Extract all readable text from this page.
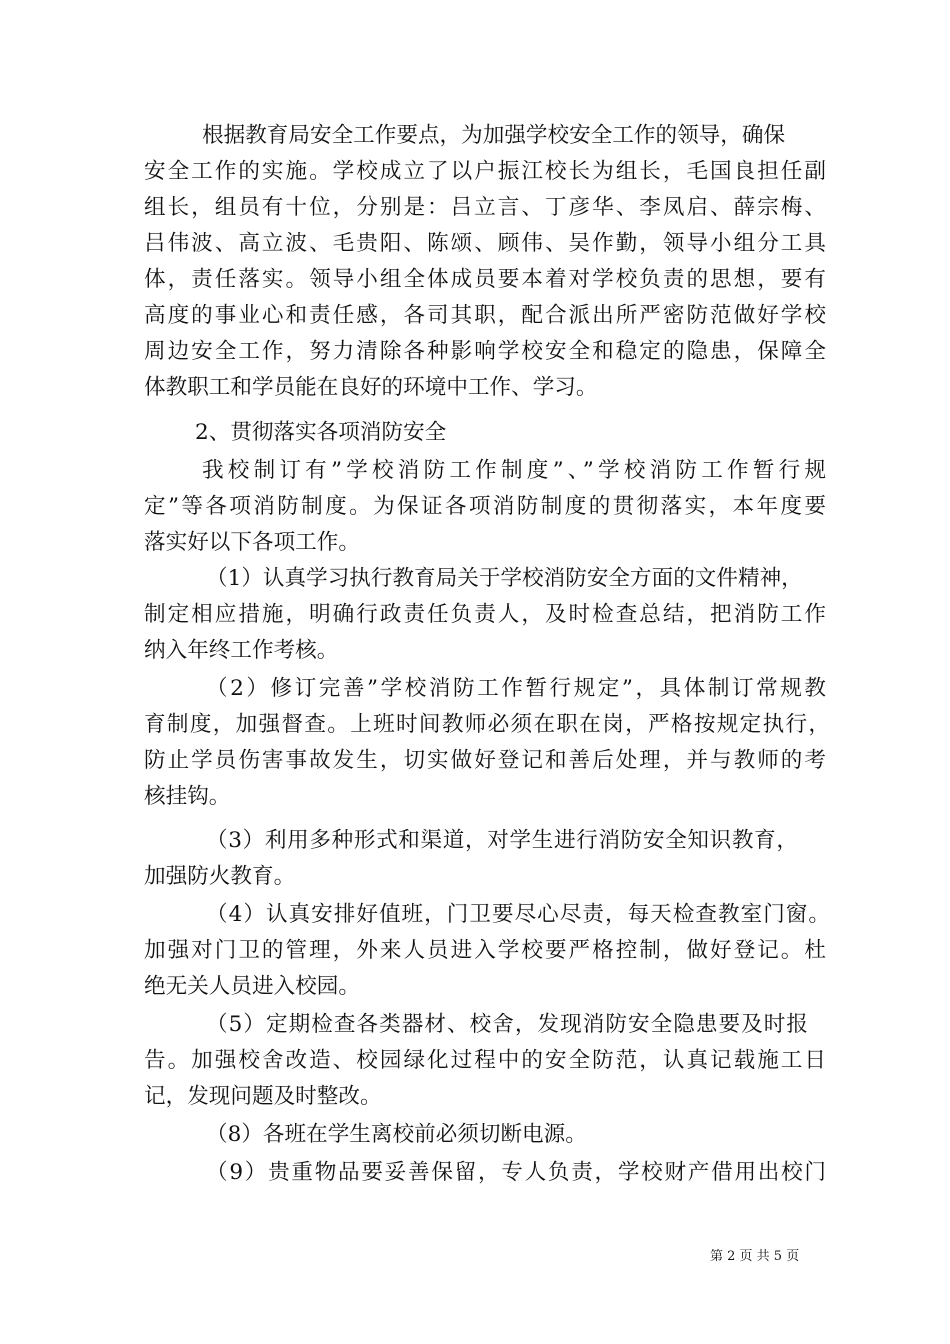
根据教育局安全工作要点，为加强学校安全工作的领导，确保
安全工作的实施。学校成立了以户振江校长为组长，毛国良担任副
组长，组员有十位，分别是：吕立言、丁彦华、李凤启、薛宗梅、
吕伟波、高立波、毛贵阳、陈颂、顾伟、吴作勤，领导小组分工具
体，责任落实。领导小组全体成员要本着对学校负责的思想，要有
高度的事业心和责任感，各司其职，配合派出所严密防范做好学校
周边安全工作，努力清除各种影响学校安全和稳定的隐患，保障全
体教职工和学员能在良好的环境中工作、学习。
2、贯彻落实各项消防安全
我校制订有”学校消防工作制度”、”学校消防工作暂行规
定”等各项消防制度。为保证各项消防制度的贯彻落实，本年度要
落实好以下各项工作。
（1）认真学习执行教育局关于学校消防安全方面的文件精神，
制定相应措施，明确行政责任负责人，及时检查总结，把消防工作
纳入年终工作考核。
（2）修订完善”学校消防工作暂行规定”，具体制订常规教
育制度，加强督查。上班时间教师必须在职在岗，严格按规定执行，
防止学员伤害事故发生，切实做好登记和善后处理，并与教师的考
核挂钩。
（3）利用多种形式和渠道，对学生进行消防安全知识教育，
加强防火教育。
（4）认真安排好值班，门卫要尽心尽责，每天检查教室门窗。
加强对门卫的管理，外来人员进入学校要严格控制，做好登记。杜
绝无关人员进入校园。
（5）定期检查各类器材、校舍，发现消防安全隐患要及时报
告。加强校舍改造、校园绿化过程中的安全防范，认真记载施工日
记，发现问题及时整改。
（8）各班在学生离校前必须切断电源。
（9）贵重物品要妥善保留，专人负责，学校财产借用出校门
第 2 页 共 5 页
